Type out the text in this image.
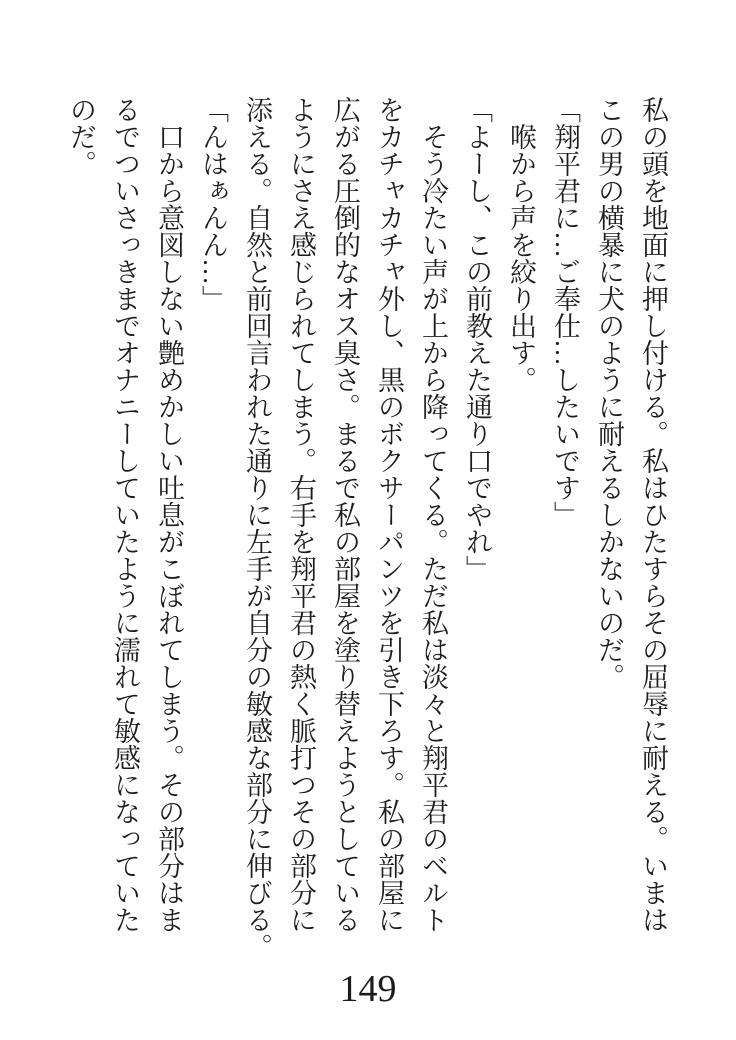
私の頭を地面に押し付ける。私はひたすらその屈辱に耐える。いまは

この男の横暴に犬のように耐えるしかないのだ。

「翔平君に…ご奉仕…したいです」

喉から声を絞り出す。

「よーし、この前教えた通り口でやれ」

そう冷たい声が上から降ってくる。ただ私は淡々と翔平君のベルト

をカチャカチャ外し、黒のボクサーパンツを引き下ろす。私の部屋に

広がる圧倒的なオス臭さ。まるで私の部屋を塗り替えようとしている

ようにさえ感じられてしまう。右手を翔平君の熱く脈打つその部分に

添える。自然と前回言われた通りに左手が自分の敏感な部分に伸びる。

「んはぁんん…」

口から意図しない艶めかしい吐息がこぼれてしまう。その部分はま

るでついさっきまでオナニーしていたように濡れて敏感になっていた

のだ。

149
